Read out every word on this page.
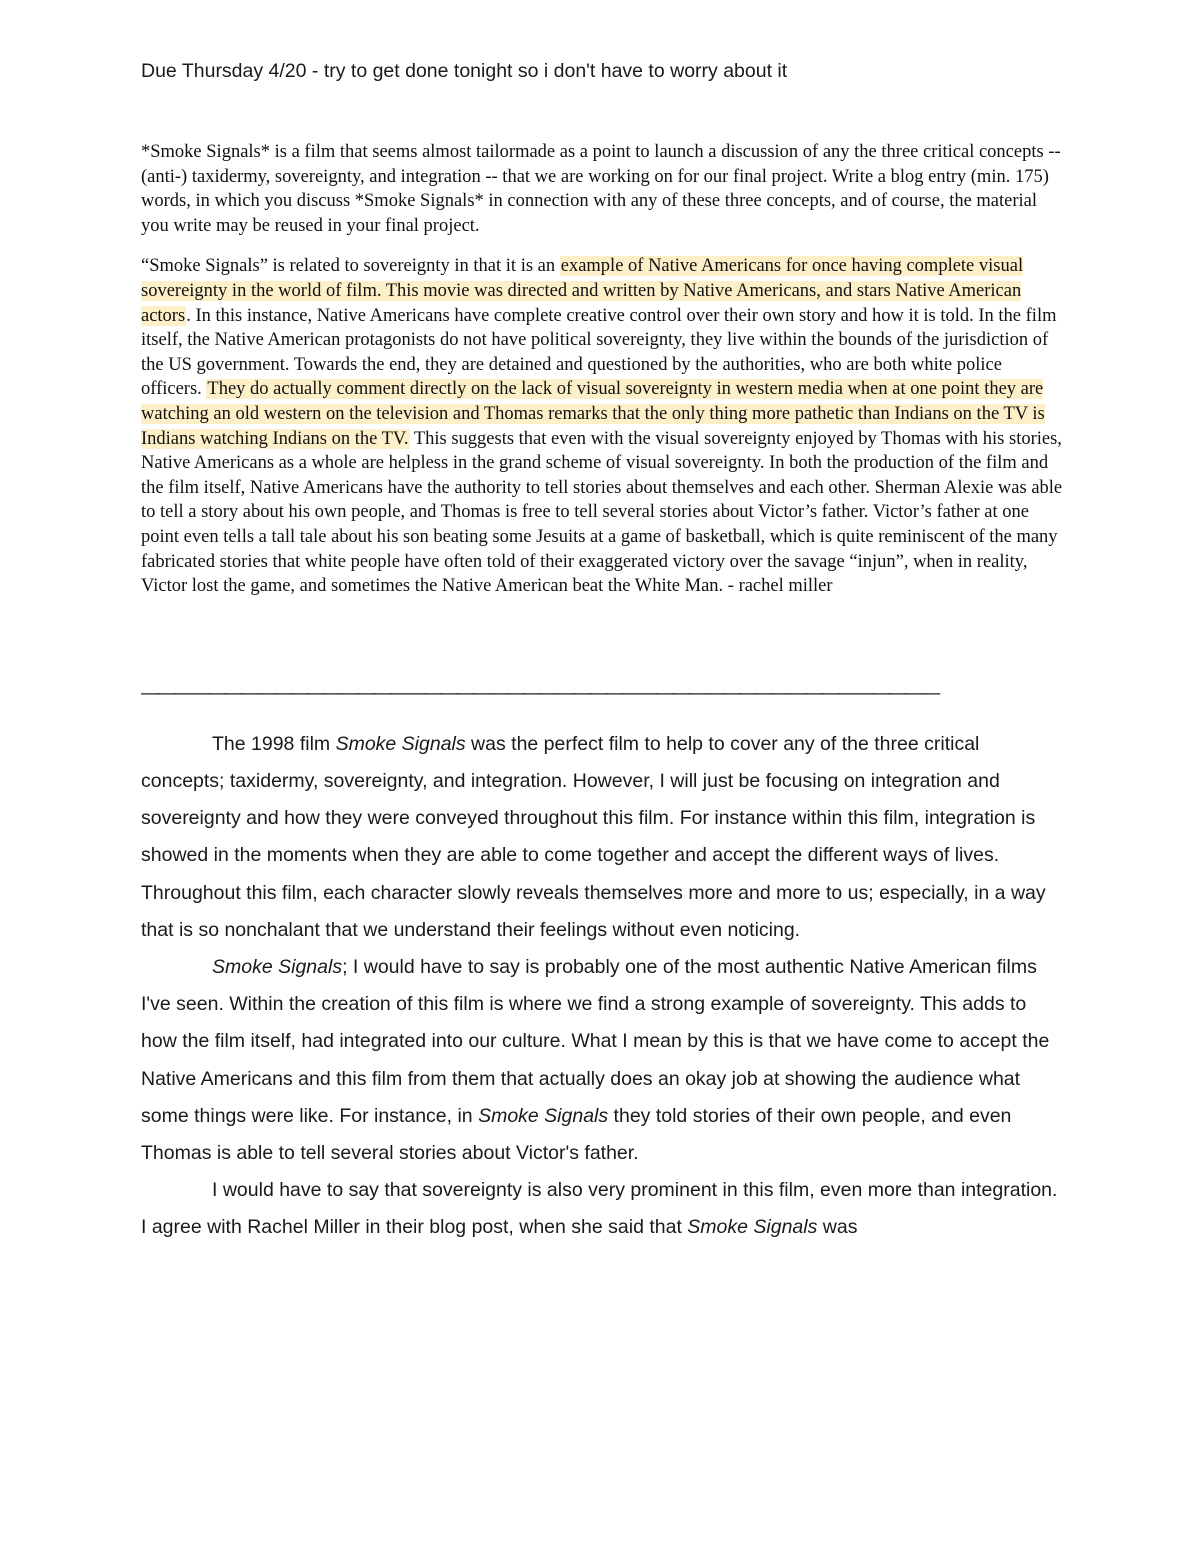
Due Thursday 4/20 - try to get done tonight so i don't have to worry about it

*Smoke Signals* is a film that seems almost tailormade as a point to launch a discussion of any the three critical concepts -- (anti-) taxidermy, sovereignty, and integration -- that we are working on for our final project. Write a blog entry (min. 175) words, in which you discuss *Smoke Signals* in connection with any of these three concepts, and of course, the material you write may be reused in your final project.

“Smoke Signals” is related to sovereignty in that it is an example of Native Americans for once having complete visual sovereignty in the world of film. This movie was directed and written by Native Americans, and stars Native American actors. In this instance, Native Americans have complete creative control over their own story and how it is told. In the film itself, the Native American protagonists do not have political sovereignty, they live within the bounds of the jurisdiction of the US government. Towards the end, they are detained and questioned by the authorities, who are both white police officers. They do actually comment directly on the lack of visual sovereignty in western media when at one point they are watching an old western on the television and Thomas remarks that the only thing more pathetic than Indians on the TV is Indians watching Indians on the TV. This suggests that even with the visual sovereignty enjoyed by Thomas with his stories, Native Americans as a whole are helpless in the grand scheme of visual sovereignty. In both the production of the film and the film itself, Native Americans have the authority to tell stories about themselves and each other. Sherman Alexie was able to tell a story about his own people, and Thomas is free to tell several stories about Victor’s father. Victor’s father at one point even tells a tall tale about his son beating some Jesuits at a game of basketball, which is quite reminiscent of the many fabricated stories that white people have often told of their exaggerated victory over the savage “injun”, when in reality, Victor lost the game, and sometimes the Native American beat the White Man. - rachel miller

————————————————————————————————————————————————

The 1998 film Smoke Signals was the perfect film to help to cover any of the three critical concepts; taxidermy, sovereignty, and integration. However, I will just be focusing on integration and sovereignty and how they were conveyed throughout this film. For instance within this film, integration is showed in the moments when they are able to come together and accept the different ways of lives. Throughout this film, each character slowly reveals themselves more and more to us; especially, in a way that is so nonchalant that we understand their feelings without even noticing.

Smoke Signals; I would have to say is probably one of the most authentic Native American films I've seen. Within the creation of this film is where we find a strong example of sovereignty. This adds to how the film itself, had integrated into our culture. What I mean by this is that we have come to accept the Native Americans and this film from them that actually does an okay job at showing the audience what some things were like. For instance, in Smoke Signals they told stories of their own people, and even Thomas is able to tell several stories about Victor's father.

I would have to say that sovereignty is also very prominent in this film, even more than integration. I agree with Rachel Miller in their blog post, when she said that Smoke Signals was
